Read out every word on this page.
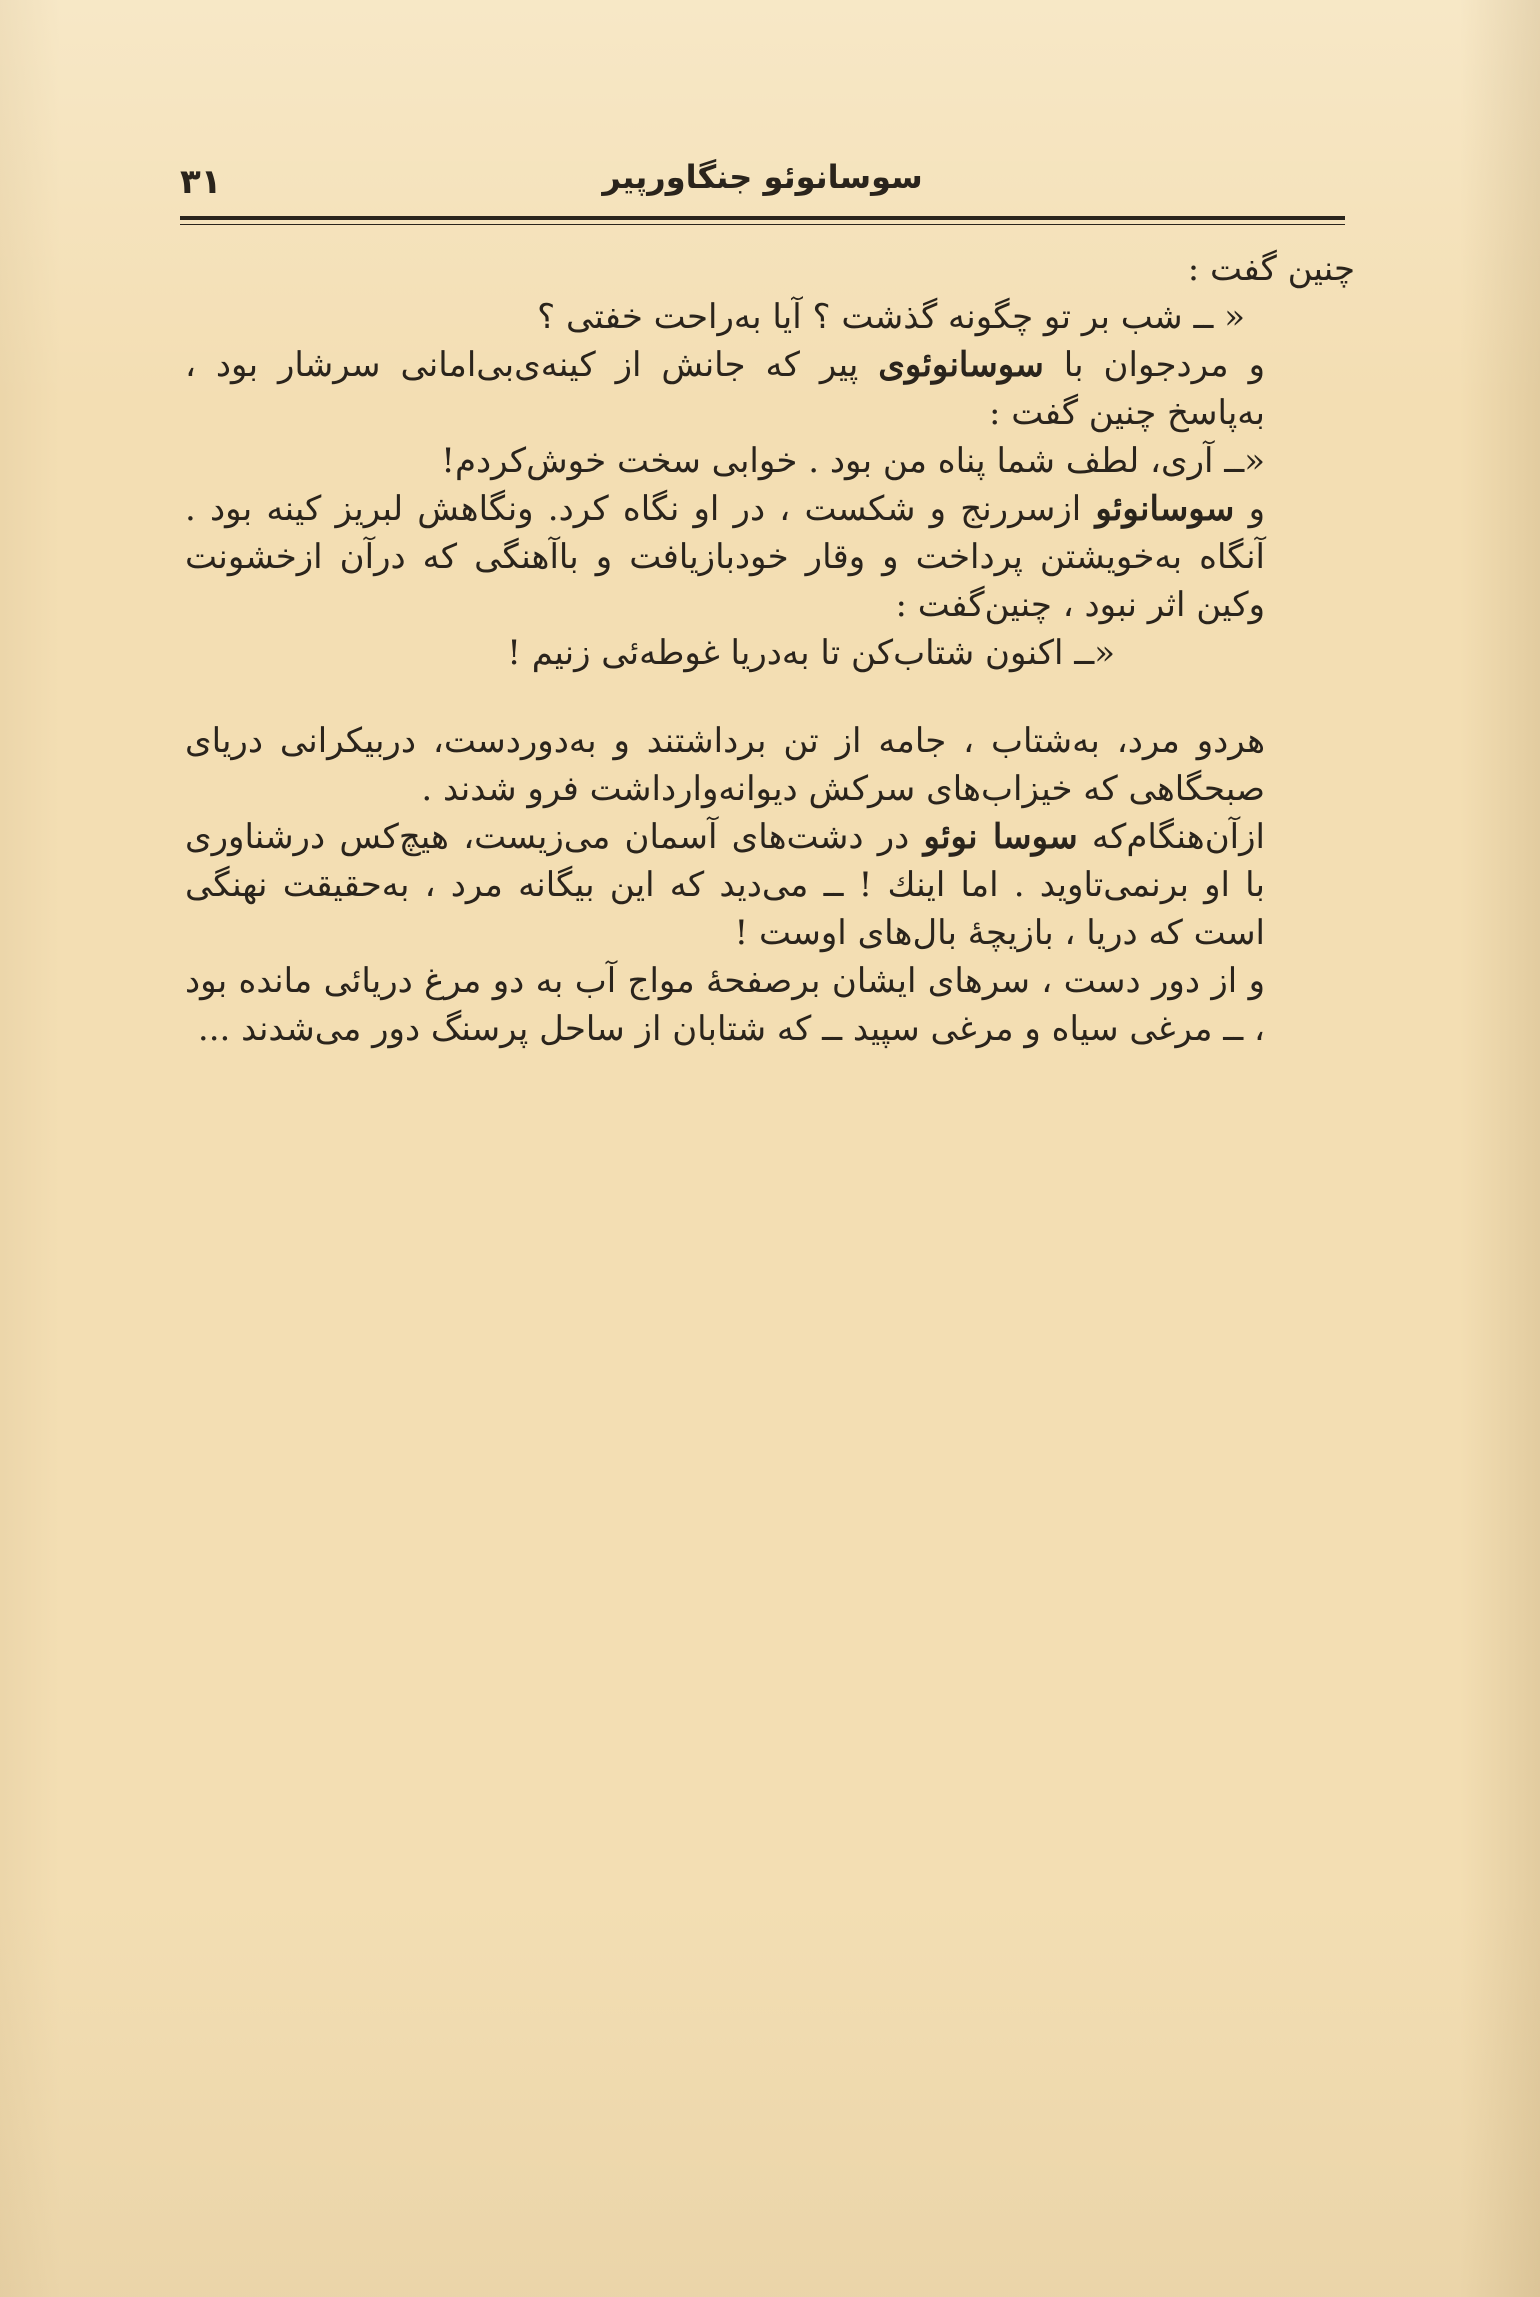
۳۱	سوسانوئو جنگاورپیر

چنین گفت :

« ــ شب بر تو چگونه گذشت ؟ آیا به‌راحت خفتی ؟

و مردجوان با سوسانوئوی پیر که جانش از کینه‌ی‌بی‌امانی سرشار بود ، به‌پاسخ چنین گفت :

«ــ آری، لطف شما پناه من بود . خوابی سخت خوش‌کردم!

و سوسانوئو ازسررنج و شکست ، در او نگاه کرد. ونگاهش لبریز کینه بود . آنگاه به‌خویشتن پرداخت و وقار خودبازیافت و باآهنگی که درآن ازخشونت وکین اثر نبود ، چنین‌گفت :

«ــ اکنون شتاب‌کن تا به‌دریا غوطه‌ئی زنیم !

هردو مرد، به‌شتاب ، جامه از تن برداشتند و به‌دوردست، دربیکرانی دریای صبحگاهی که خیزاب‌های سرکش دیوانه‌وارداشت فرو شدند .

ازآن‌هنگام‌که سوسا نوئو در دشت‌های آسمان می‌زیست، هیچ‌کس درشناوری با او برنمی‌تاوید . اما اینك ! ــ می‌دید که این بیگانه مرد ، به‌حقیقت نهنگی است که دریا ، بازیچهٔ بال‌های اوست !

و از دور دست ، سرهای ایشان برصفحهٔ مواج آب به دو مرغ دریائی مانده بود ، ــ مرغی سیاه و مرغی سپید ــ که شتابان از ساحل پرسنگ دور می‌شدند ...
